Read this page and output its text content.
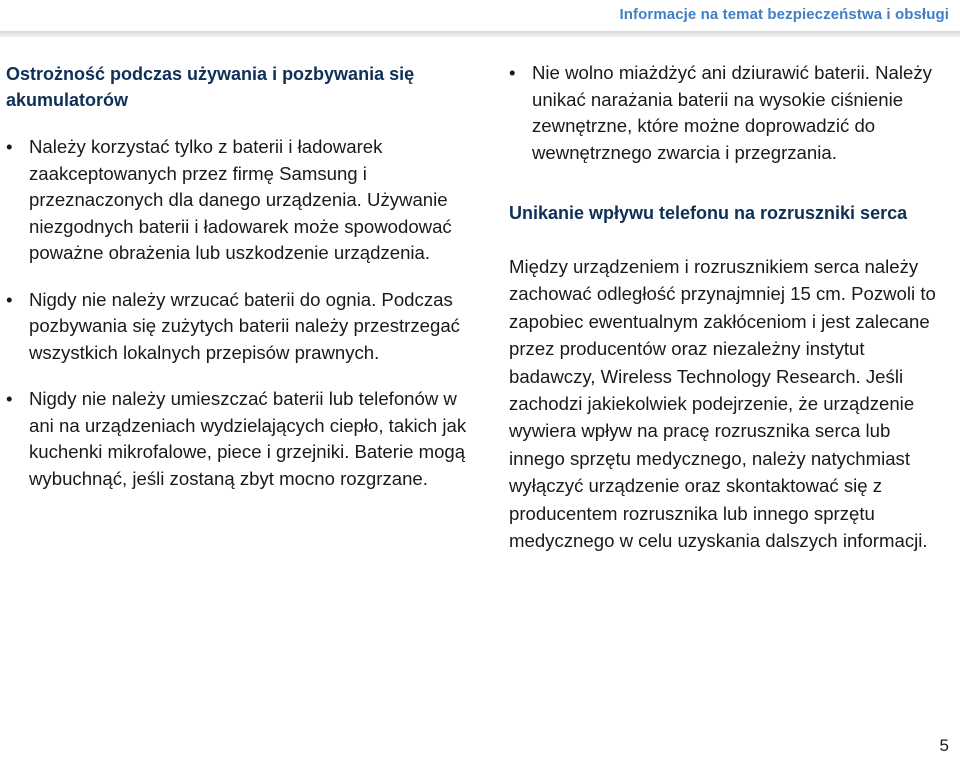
Informacje na temat bezpieczeństwa i obsługi
Ostrożność podczas używania i pozbywania się akumulatorów
• Należy korzystać tylko z baterii i ładowarek zaakceptowanych przez firmę Samsung i przeznaczonych dla danego urządzenia. Używanie niezgodnych baterii i ładowarek może spowodować poważne obrażenia lub uszkodzenie urządzenia.
• Nigdy nie należy wrzucać baterii do ognia. Podczas pozbywania się zużytych baterii należy przestrzegać wszystkich lokalnych przepisów prawnych.
• Nigdy nie należy umieszczać baterii lub telefonów w ani na urządzeniach wydzielających ciepło, takich jak kuchenki mikrofalowe, piece i grzejniki. Baterie mogą wybuchnąć, jeśli zostaną zbyt mocno rozgrzane.
• Nie wolno miażdżyć ani dziurawić baterii. Należy unikać narażania baterii na wysokie ciśnienie zewnętrzne, które możne doprowadzić do wewnętrznego zwarcia i przegrzania.
Unikanie wpływu telefonu na rozruszniki serca

Między urządzeniem i rozrusznikiem serca należy zachować odległość przynajmniej 15 cm. Pozwoli to zapobiec ewentualnym zakłóceniom i jest zalecane przez producentów oraz niezależny instytut badawczy, Wireless Technology Research. Jeśli zachodzi jakiekolwiek podejrzenie, że urządzenie wywiera wpływ na pracę rozrusznika serca lub innego sprzętu medycznego, należy natychmiast wyłączyć urządzenie oraz skontaktować się z producentem rozrusznika lub innego sprzętu medycznego w celu uzyskania dalszych informacji.

5
